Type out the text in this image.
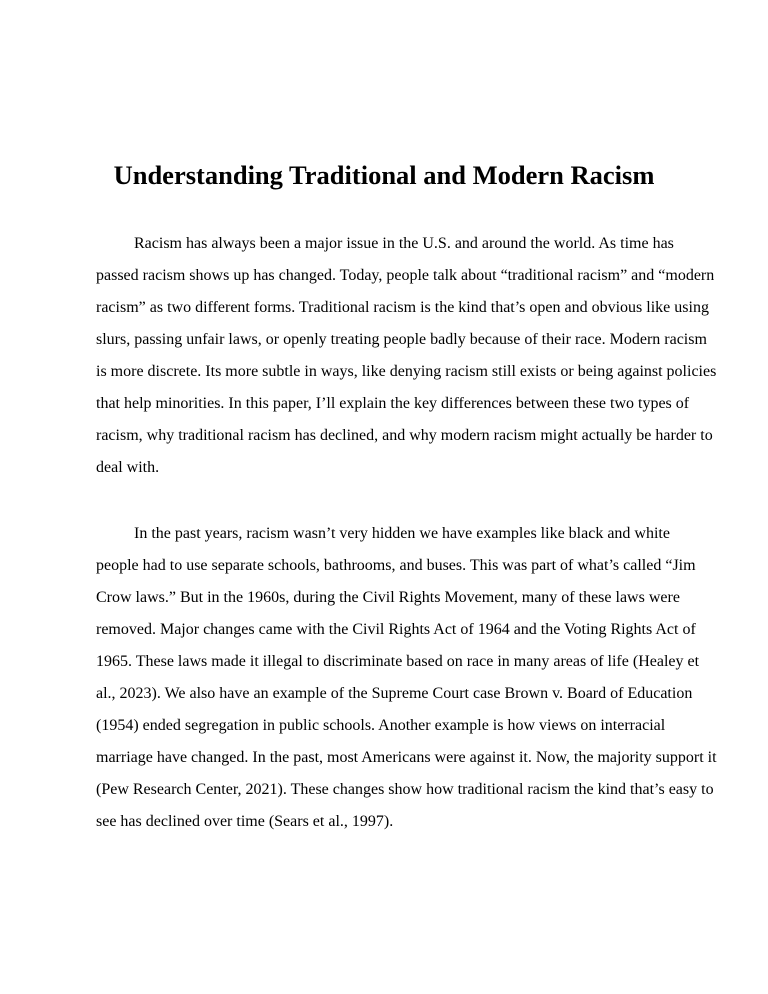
Understanding Traditional and Modern Racism
Racism has always been a major issue in the U.S. and around the world. As time has
passed racism shows up has changed. Today, people talk about “traditional racism” and “modern
racism” as two different forms. Traditional racism is the kind that’s open and obvious like using
slurs, passing unfair laws, or openly treating people badly because of their race. Modern racism
is more discrete. Its more subtle in ways, like denying racism still exists or being against policies
that help minorities. In this paper, I’ll explain the key differences between these two types of
racism, why traditional racism has declined, and why modern racism might actually be harder to
deal with.
In the past years, racism wasn’t very hidden we have examples like black and white
people had to use separate schools, bathrooms, and buses. This was part of what’s called “Jim
Crow laws.” But in the 1960s, during the Civil Rights Movement, many of these laws were
removed. Major changes came with the Civil Rights Act of 1964 and the Voting Rights Act of
1965. These laws made it illegal to discriminate based on race in many areas of life (Healey et
al., 2023). We also have an example of the Supreme Court case Brown v. Board of Education
(1954) ended segregation in public schools. Another example is how views on interracial
marriage have changed. In the past, most Americans were against it. Now, the majority support it
(Pew Research Center, 2021). These changes show how traditional racism the kind that’s easy to
see has declined over time (Sears et al., 1997).
